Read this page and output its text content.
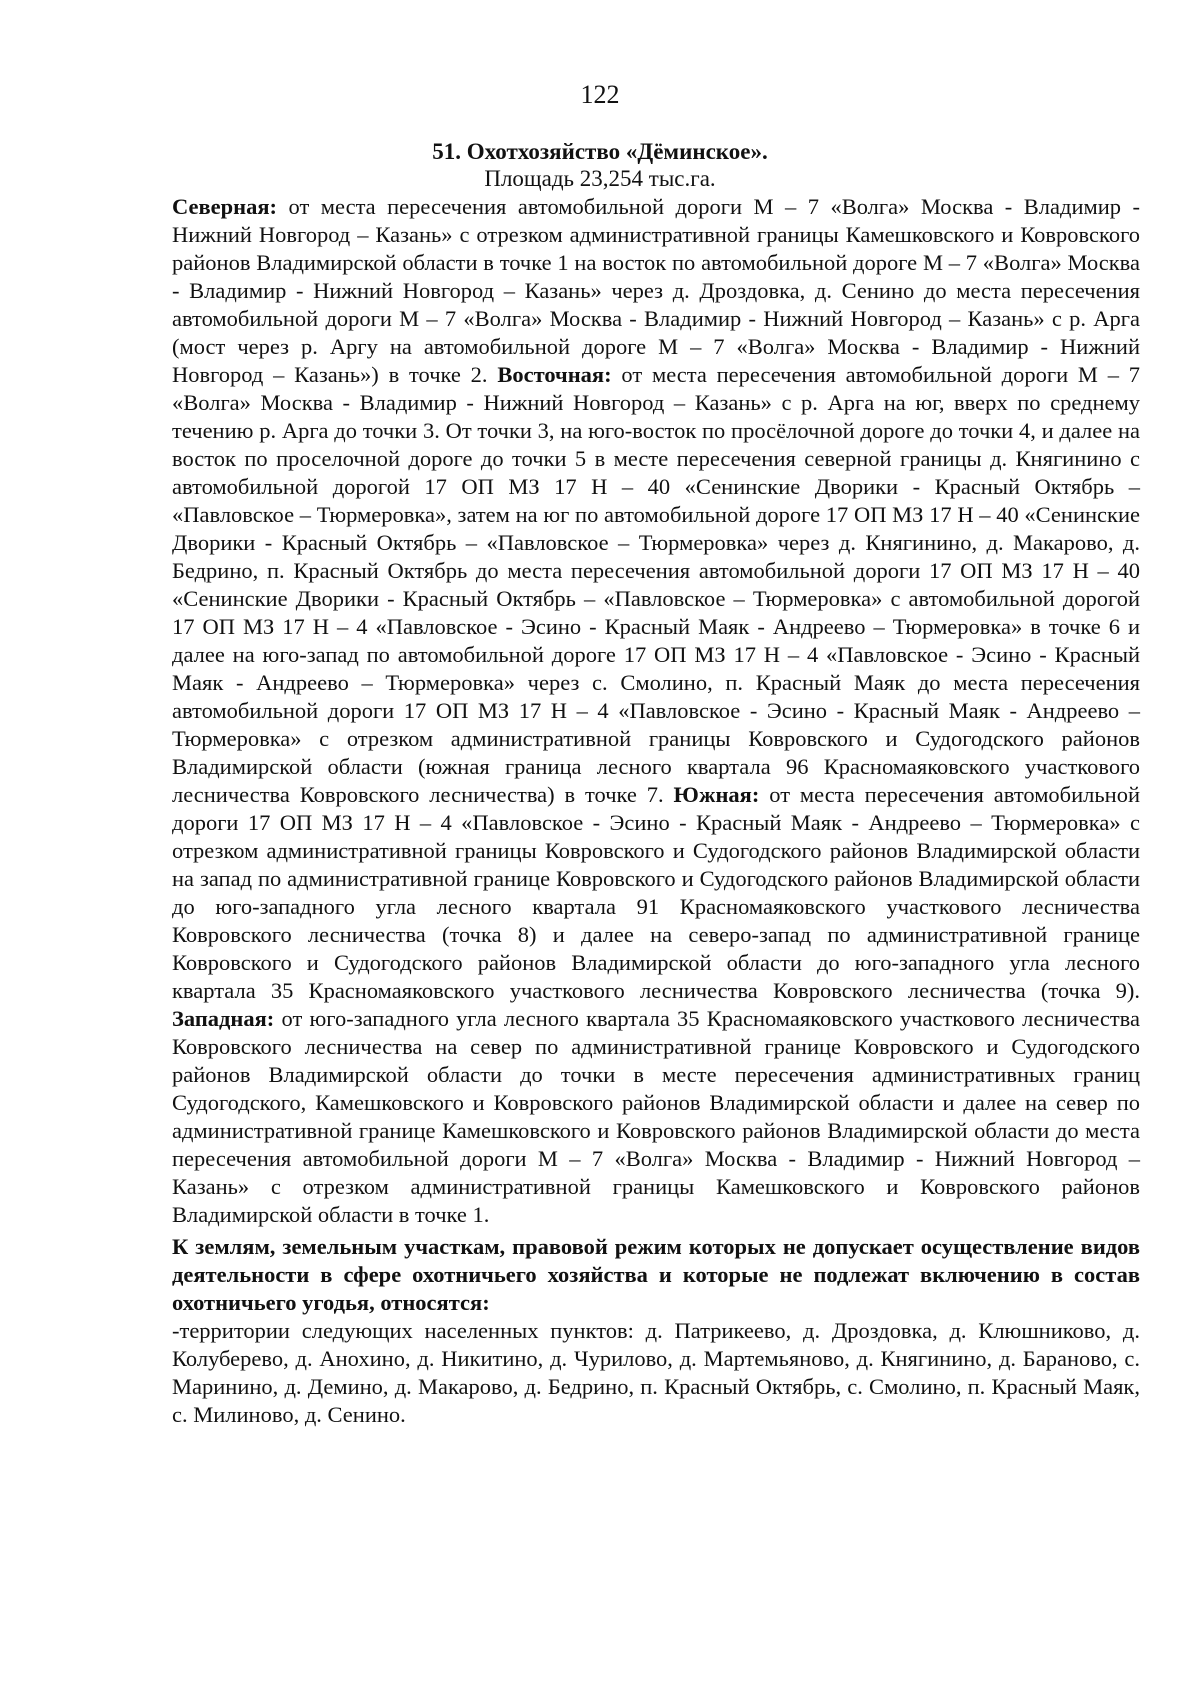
122
51. Охотхозяйство «Дёминское».
Площадь 23,254 тыс.га.

Северная: от места пересечения автомобильной дороги М – 7 «Волга» Москва - Владимир - Нижний Новгород – Казань» с отрезком административной границы Камешковского и Ковровского районов Владимирской области в точке 1 на восток по автомобильной дороге М – 7 «Волга» Москва - Владимир - Нижний Новгород – Казань» через д. Дроздовка, д. Сенино до места пересечения автомобильной дороги М – 7 «Волга» Москва - Владимир - Нижний Новгород – Казань» с р. Арга (мост через р. Аргу на автомобильной дороге М – 7 «Волга» Москва - Владимир - Нижний Новгород – Казань») в точке 2. Восточная: от места пересечения автомобильной дороги М – 7 «Волга» Москва - Владимир - Нижний Новгород – Казань» с р. Арга на юг, вверх по среднему течению р. Арга до точки 3. От точки 3, на юго-восток по просёлочной дороге до точки 4, и далее на восток по проселочной дороге до точки 5 в месте пересечения северной границы д. Княгинино с автомобильной дорогой 17 ОП МЗ 17 Н – 40 «Сенинские Дворики - Красный Октябрь – «Павловское – Тюрмеровка», затем на юг по автомобильной дороге 17 ОП МЗ 17 Н – 40 «Сенинские Дворики - Красный Октябрь – «Павловское – Тюрмеровка» через д. Княгинино, д. Макарово, д. Бедрино, п. Красный Октябрь до места пересечения автомобильной дороги 17 ОП МЗ 17 Н – 40 «Сенинские Дворики - Красный Октябрь – «Павловское – Тюрмеровка» с автомобильной дорогой 17 ОП МЗ 17 Н – 4 «Павловское - Эсино - Красный Маяк - Андреево – Тюрмеровка» в точке 6 и далее на юго-запад по автомобильной дороге 17 ОП МЗ 17 Н – 4 «Павловское - Эсино - Красный Маяк - Андреево – Тюрмеровка» через с. Смолино, п. Красный Маяк до места пересечения автомобильной дороги 17 ОП МЗ 17 Н – 4 «Павловское - Эсино - Красный Маяк - Андреево – Тюрмеровка» с отрезком административной границы Ковровского и Судогодского районов Владимирской области (южная граница лесного квартала 96 Красномаяковского участкового лесничества Ковровского лесничества) в точке 7. Южная: от места пересечения автомобильной дороги 17 ОП МЗ 17 Н – 4 «Павловское - Эсино - Красный Маяк - Андреево – Тюрмеровка» с отрезком административной границы Ковровского и Судогодского районов Владимирской области на запад по административной границе Ковровского и Судогодского районов Владимирской области до юго-западного угла лесного квартала 91 Красномаяковского участкового лесничества Ковровского лесничества (точка 8) и далее на северо-запад по административной границе Ковровского и Судогодского районов Владимирской области до юго-западного угла лесного квартала 35 Красномаяковского участкового лесничества Ковровского лесничества (точка 9). Западная: от юго-западного угла лесного квартала 35 Красномаяковского участкового лесничества Ковровского лесничества на север по административной границе Ковровского и Судогодского районов Владимирской области до точки в месте пересечения административных границ Судогодского, Камешковского и Ковровского районов Владимирской области и далее на север по административной границе Камешковского и Ковровского районов Владимирской области до места пересечения автомобильной дороги М – 7 «Волга» Москва - Владимир - Нижний Новгород – Казань» с отрезком административной границы Камешковского и Ковровского районов Владимирской области в точке 1.

К землям, земельным участкам, правовой режим которых не допускает осуществление видов деятельности в сфере охотничьего хозяйства и которые не подлежат включению в состав охотничьего угодья, относятся:

-территории следующих населенных пунктов: д. Патрикеево, д. Дроздовка, д. Клюшниково, д. Колуберево, д. Анохино, д. Никитино, д. Чурилово, д. Мартемьяново, д. Княгинино, д. Бараново, с. Маринино, д. Демино, д. Макарово, д. Бедрино, п. Красный Октябрь, с. Смолино, п. Красный Маяк, с. Милиново, д. Сенино.
